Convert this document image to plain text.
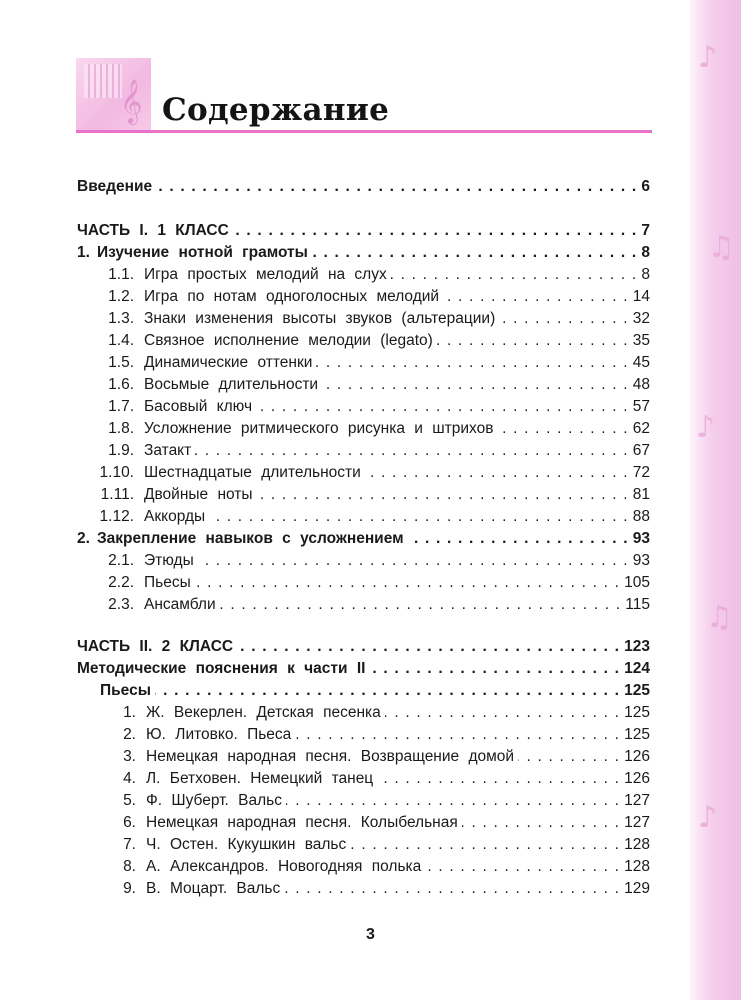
♪
♫
♪
♫
♪
𝄞 Содержание
Введение . . .	6
ЧАСТЬ I. 1 КЛАСС . . .	7
1. Изучение нотной грамоты . . .	8
1.1. Игра простых мелодий на слух . . .	8
1.2. Игра по нотам одноголосных мелодий . . .	14
1.3. Знаки изменения высоты звуков (альтерации) . . .	32
1.4. Связное исполнение мелодии (legato) . . .	35
1.5. Динамические оттенки . . .	45
1.6. Восьмые длительности . . .	48
1.7. Басовый ключ . . .	57
1.8. Усложнение ритмического рисунка и штрихов . . .	62
1.9. Затакт . . .	67
1.10. Шестнадцатые длительности . . .	72
1.11. Двойные ноты . . .	81
1.12. Аккорды . . .	88
2. Закрепление навыков с усложнением . . .	93
2.1. Этюды . . .	93
2.2. Пьесы . . .	105
2.3. Ансамбли . . .	115
ЧАСТЬ II. 2 КЛАСС . . .	123
Методические пояснения к части II . . .	124
Пьесы . . .	125
1. Ж. Векерлен. Детская песенка . . .	125
2. Ю. Литовко. Пьеса . . .	125
3. Немецкая народная песня. Возвращение домой . . .	126
4. Л. Бетховен. Немецкий танец . . .	126
5. Ф. Шуберт. Вальс . . .	127
6. Немецкая народная песня. Колыбельная . . .	127
7. Ч. Остен. Кукушкин вальс . . .	128
8. А. Александров. Новогодняя полька . . .	128
9. В. Моцарт. Вальс . . .	129
3
